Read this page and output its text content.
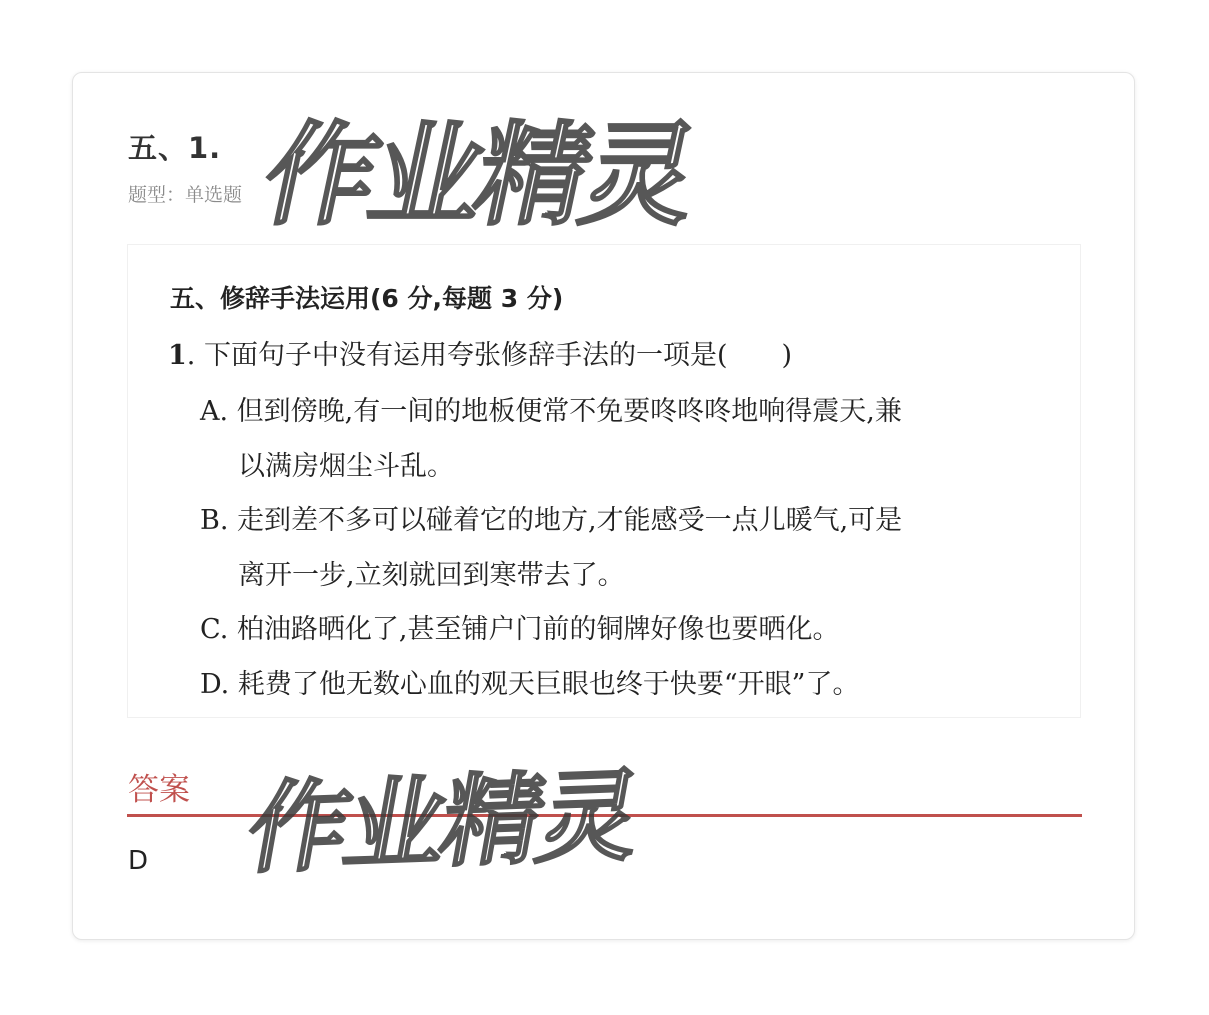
五、1.
题型：单选题
五、修辞手法运用(6 分,每题 3 分)
1. 下面句子中没有运用夸张修辞手法的一项是(　　)
A. 但到傍晚,有一间的地板便常不免要咚咚咚地响得震天,兼
以满房烟尘斗乱。
B. 走到差不多可以碰着它的地方,才能感受一点儿暖气,可是
离开一步,立刻就回到寒带去了。
C. 柏油路晒化了,甚至铺户门前的铜牌好像也要晒化。
D. 耗费了他无数心血的观天巨眼也终于快要“开眼”了。
答案
D
